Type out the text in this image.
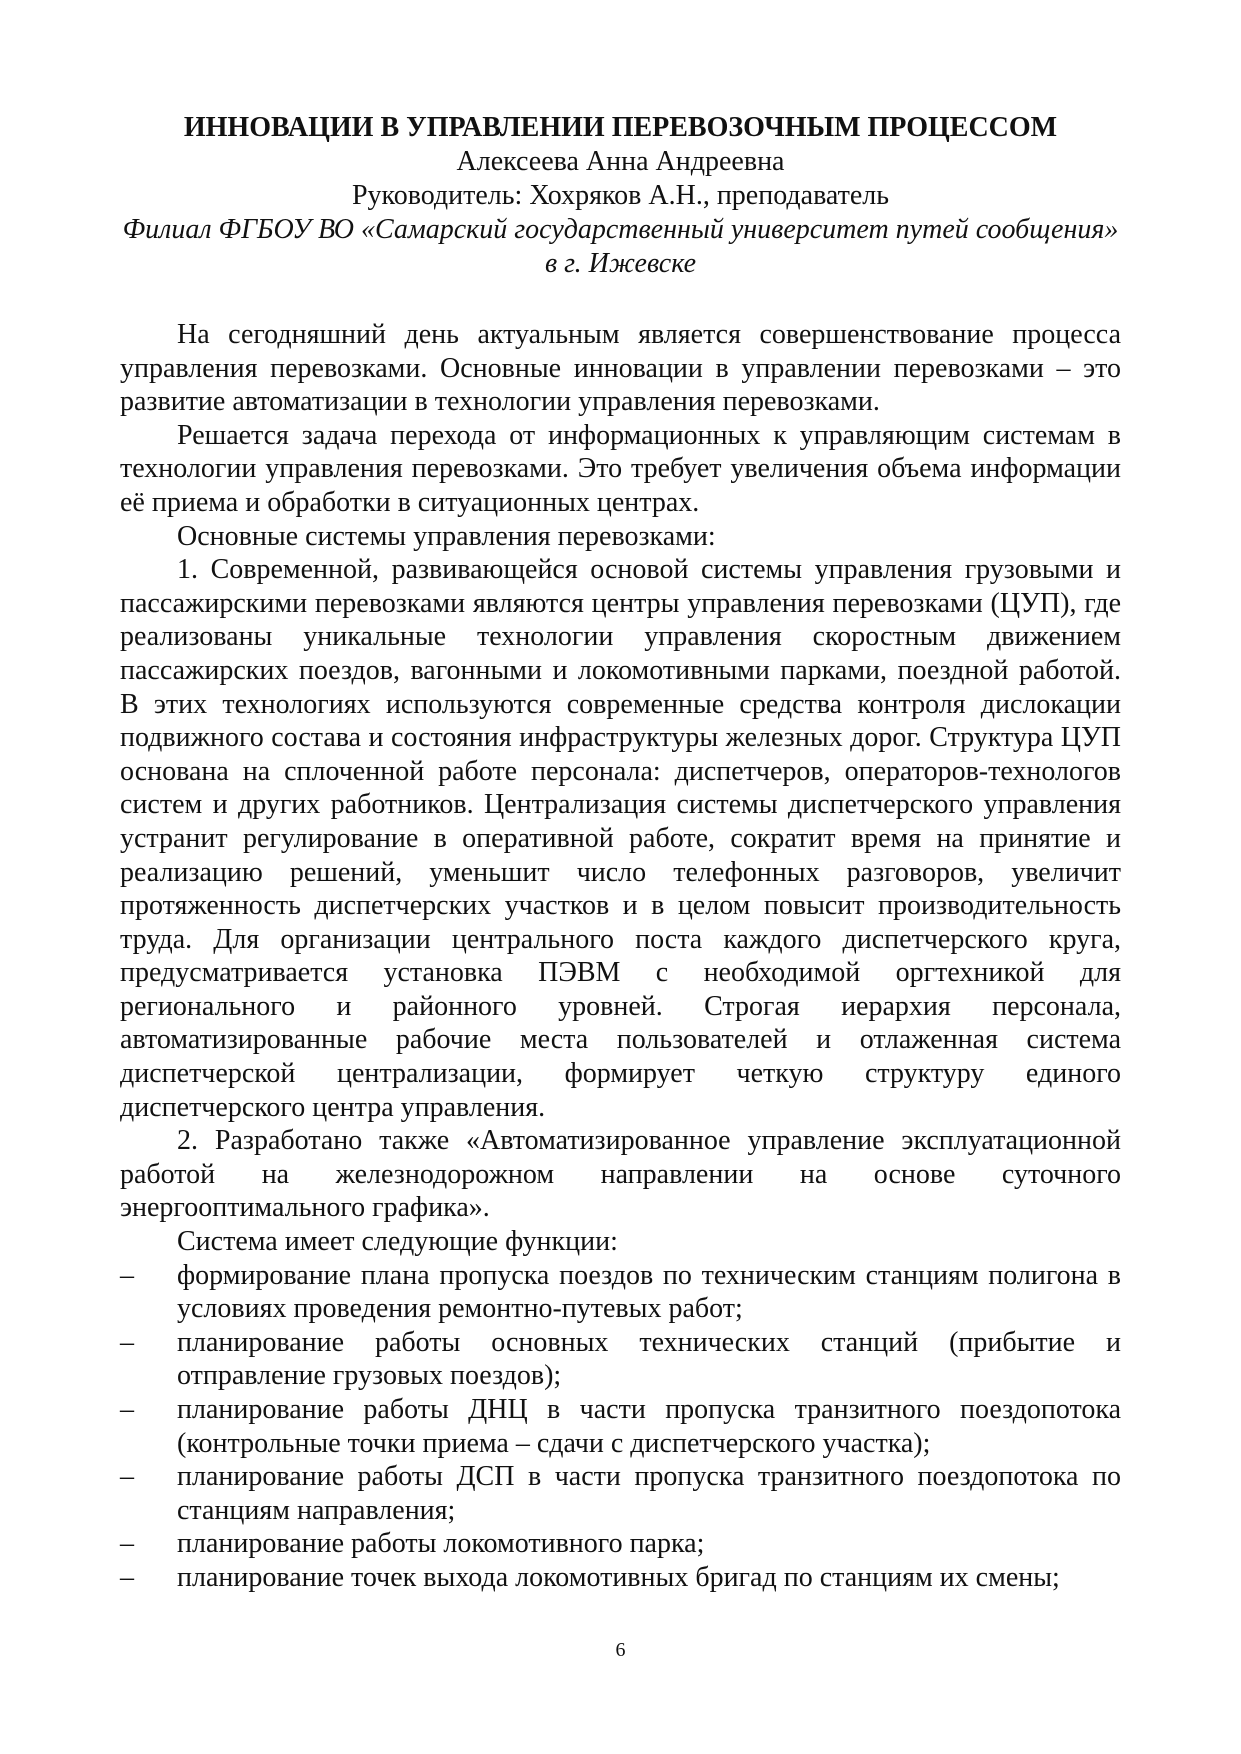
ИННОВАЦИИ В УПРАВЛЕНИИ ПЕРЕВОЗОЧНЫМ ПРОЦЕССОМ
Алексеева Анна Андреевна
Руководитель: Хохряков А.Н., преподаватель
Филиал ФГБОУ ВО «Самарский государственный университет путей сообщения» в г. Ижевске

На сегодняшний день актуальным является совершенствование процесса управления перевозками. Основные инновации в управлении перевозками – это развитие автоматизации в технологии управления перевозками.

Решается задача перехода от информационных к управляющим системам в технологии управления перевозками. Это требует увеличения объема информации её приема и обработки в ситуационных центрах.

Основные системы управления перевозками:

1. Современной, развивающейся основой системы управления грузовыми и пассажирскими перевозками являются центры управления перевозками (ЦУП), где реализованы уникальные технологии управления скоростным движением пассажирских поездов, вагонными и локомотивными парками, поездной работой. В этих технологиях используются современные средства контроля дислокации подвижного состава и состояния инфраструктуры железных дорог. Структура ЦУП основана на сплоченной работе персонала: диспетчеров, операторов-технологов систем и других работников. Централизация системы диспетчерского управления устранит регулирование в оперативной работе, сократит время на принятие и реализацию решений, уменьшит число телефонных разговоров, увеличит протяженность диспетчерских участков и в целом повысит производительность труда. Для организации центрального поста каждого диспетчерского круга, предусматривается установка ПЭВМ с необходимой оргтехникой для регионального и районного уровней. Строгая иерархия персонала, автоматизированные рабочие места пользователей и отлаженная система диспетчерской централизации, формирует четкую структуру единого диспетчерского центра управления.

2. Разработано также «Автоматизированное управление эксплуатационной работой на железнодорожном направлении на основе суточного энергооптимального графика».

Система имеет следующие функции:

– формирование плана пропуска поездов по техническим станциям полигона в условиях проведения ремонтно-путевых работ;
– планирование работы основных технических станций (прибытие и отправление грузовых поездов);
– планирование работы ДНЦ в части пропуска транзитного поездопотока (контрольные точки приема – сдачи с диспетчерского участка);
– планирование работы ДСП в части пропуска транзитного поездопотока по станциям направления;
– планирование работы локомотивного парка;
– планирование точек выхода локомотивных бригад по станциям их смены;
6
